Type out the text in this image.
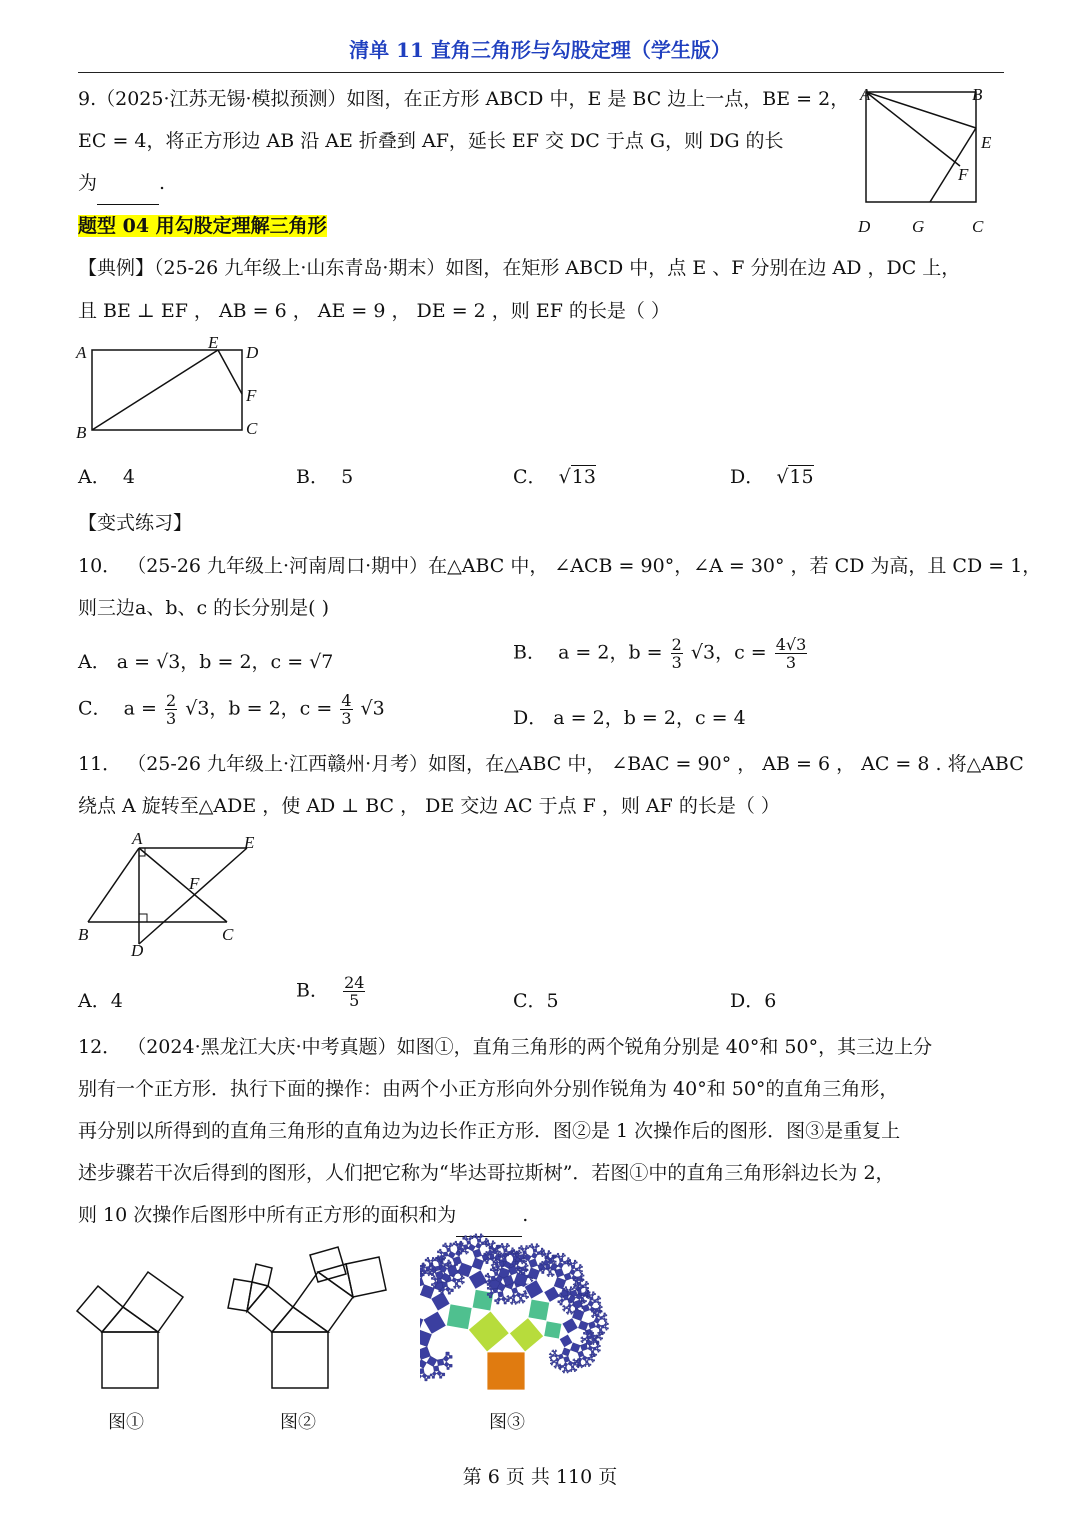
清单 11 直角三角形与勾股定理（学生版）
9.（2025·江苏无锡·模拟预测）如图，在正方形 ABCD 中，E 是 BC 边上一点，BE = 2，
EC = 4，将正方形边 AB 沿 AE 折叠到 AF，延长 EF 交 DC 于点 G，则 DG 的长
为	.
A	B
E
F
D G	C
题型 04 用勾股定理解三角形
【典例】（25-26 九年级上·山东青岛·期末）如图，在矩形 ABCD 中，点 E 、F 分别在边 AD ，DC 上，
且 BE ⊥ EF ， AB = 6 ， AE = 9 ， DE = 2 ，则 EF 的长是（ ）
A
E
D
F
B	C
A． 4	B． 5	C．  √13	D．  √15
【变式练习】
10． （25-26 九年级上·河南周口·期中）在△ABC 中， ∠ACB = 90°，∠A = 30° ，若 CD 为高，且 CD = 1，
则三边a、b、c 的长分别是( )
A． a = √3，b = 2，c = √7	B． a = 2，$b = \frac{2}{3} √3$，$c = \frac{4√3}{3}$
C． $a = \frac{2}{3} √3$，b = 2，$c = \frac{4}{3} √3$	D． a = 2，b = 2，c = 4
11． （25-26 九年级上·江西赣州·月考）如图，在△ABC 中， ∠BAC = 90° ， AB = 6 ， AC = 8 . 将△ABC
绕点 A 旋转至△ADE ，使 AD ⊥ BC ， DE 交边 AC 于点 F ，则 AF 的长是（ ）
A	E
F
B
D
C
A．4	B． $\frac{24}{5}$	C．5	D．6
12． （2024·黑龙江大庆·中考真题）如图①，直角三角形的两个锐角分别是 40°和 50°，其三边上分
别有一个正方形．执行下面的操作：由两个小正方形向外分别作锐角为 40°和 50°的直角三角形，
再分别以所得到的直角三角形的直角边为边长作正方形．图②是 1 次操作后的图形．图③是重复上
述步骤若干次后得到的图形，人们把它称为“毕达哥拉斯树”．若图①中的直角三角形斜边长为 2，
则 10 次操作后图形中所有正方形的面积和为	.
图①	图②	图③
第 6 页 共 110 页
